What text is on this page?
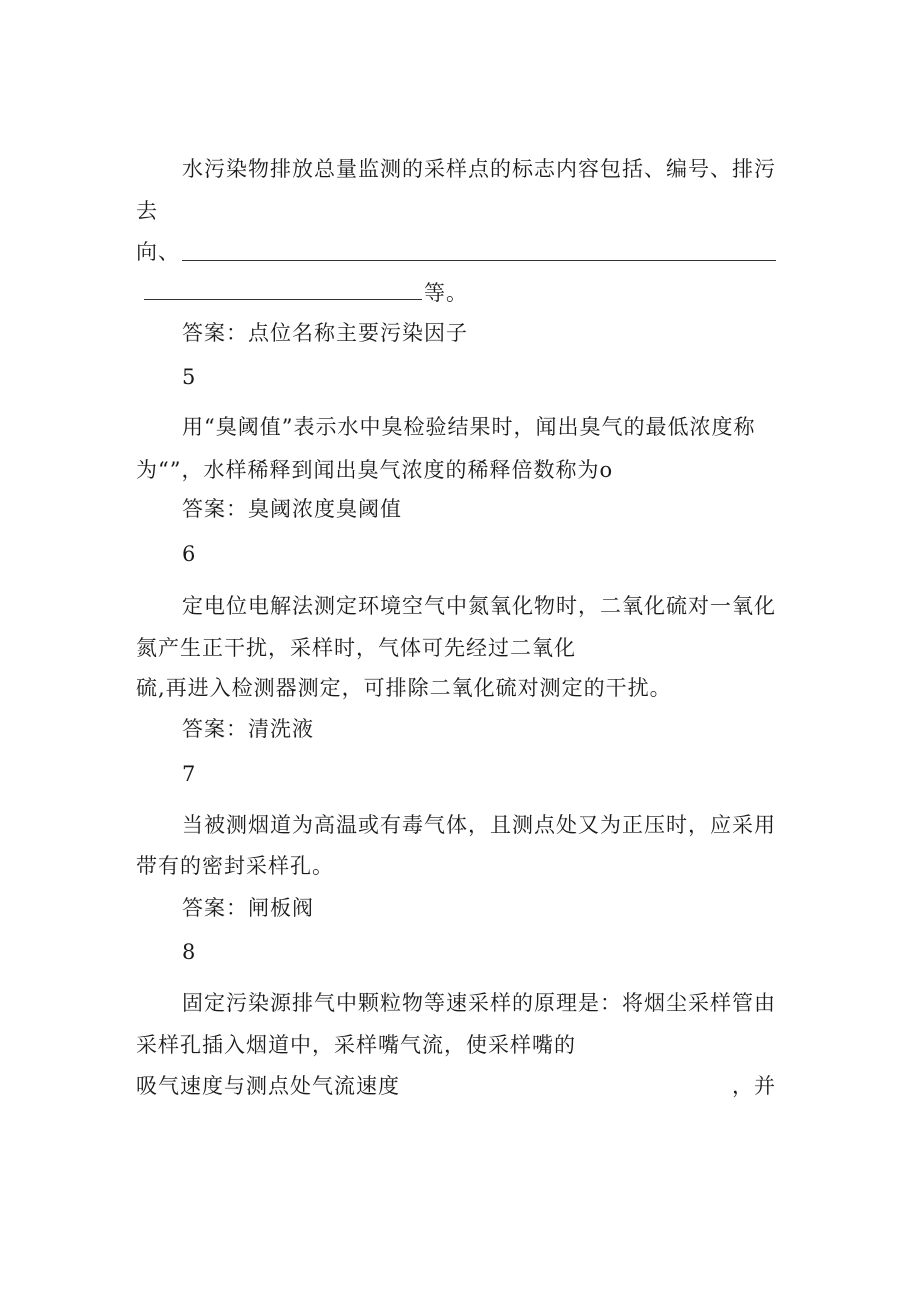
水污染物排放总量监测的采样点的标志内容包括、编号、排污
去
向、
等。
答案：点位名称主要污染因子
5
用“臭阈值”表示水中臭检验结果时，闻出臭气的最低浓度称
为“”，水样稀释到闻出臭气浓度的稀释倍数称为o
答案：臭阈浓度臭阈值
6
定电位电解法测定环境空气中氮氧化物时，二氧化硫对一氧化
氮产生正干扰，采样时，气体可先经过二氧化
硫,再进入检测器测定，可排除二氧化硫对测定的干扰。
答案：清洗液
7
当被测烟道为高温或有毒气体，且测点处又为正压时，应采用
带有的密封采样孔。
答案：闸板阀
8
固定污染源排气中颗粒物等速采样的原理是：将烟尘采样管由
采样孔插入烟道中，采样嘴气流，使采样嘴的
吸气速度与测点处气流速度	，并
